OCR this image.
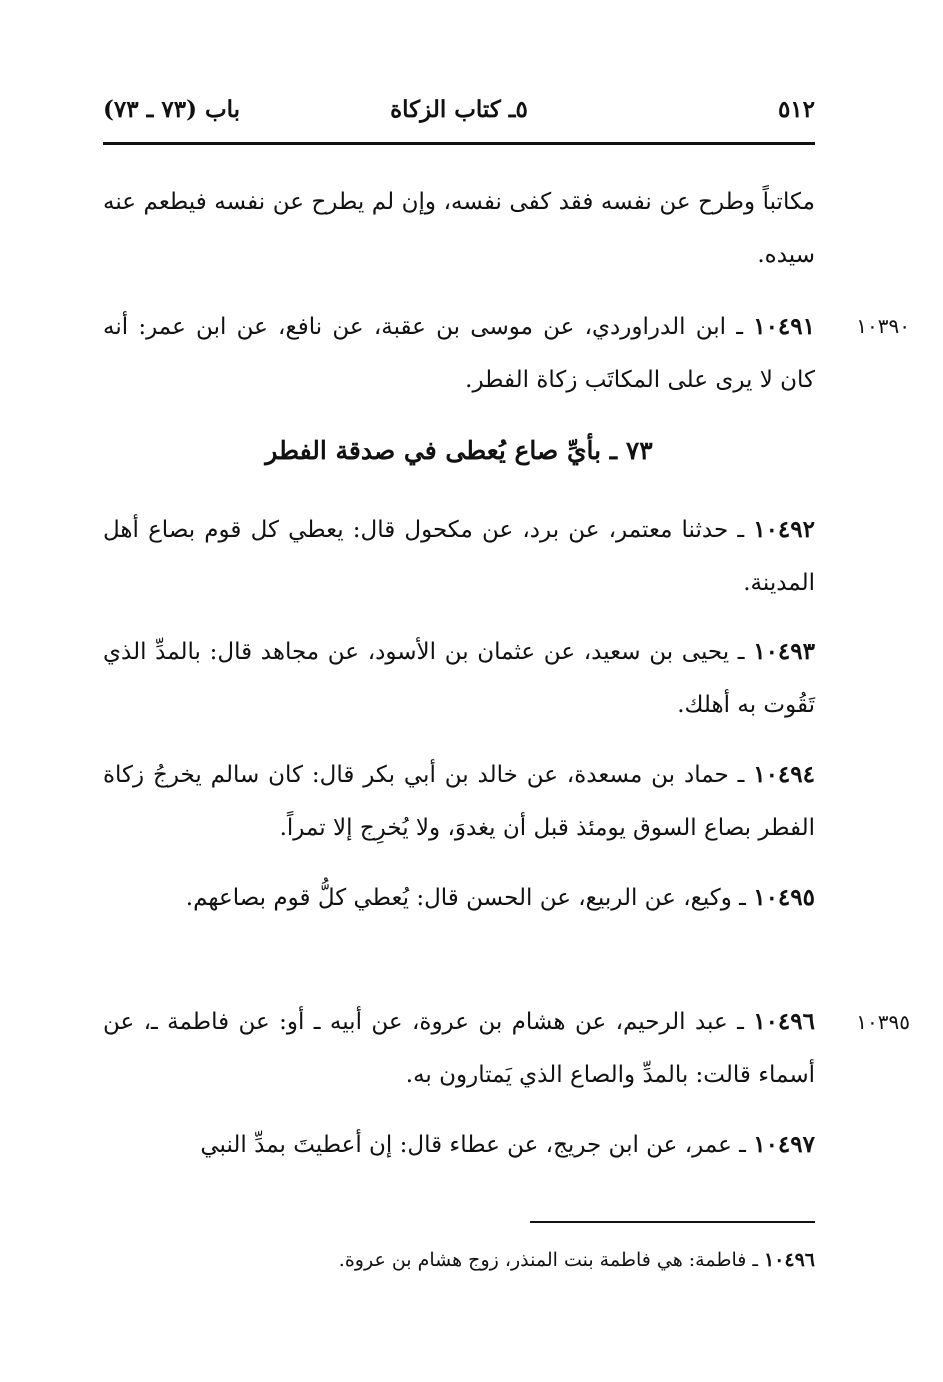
٥١٢
٥ـ كتاب الزكاة
باب (٧٣ ـ ٧٣)

مكاتباً وطرح عن نفسه فقد كفى نفسه، وإن لم يطرح عن نفسه فيطعم عنه سيده.

١٠٣٩٠

١٠٤٩١ ـ ابن الدراوردي، عن موسى بن عقبة، عن نافع، عن ابن عمر: أنه كان لا يرى على المكاتَب زكاة الفطر.

٧٣ ـ بأيِّ صاع يُعطى في صدقة الفطر

١٠٤٩٢ ـ حدثنا معتمر، عن برد، عن مكحول قال: يعطي كل قوم بصاع أهل المدينة.

١٠٤٩٣ ـ يحيى بن سعيد، عن عثمان بن الأسود، عن مجاهد قال: بالمدِّ الذي تَقُوت به أهلك.

١٠٤٩٤ ـ حماد بن مسعدة، عن خالد بن أبي بكر قال: كان سالم يخرجُ زكاة الفطر بصاع السوق يومئذ قبل أن يغدوَ، ولا يُخرِج إلا تمراً.

١٠٤٩٥ ـ وكيع، عن الربيع، عن الحسن قال: يُعطي كلُّ قوم بصاعهم.

١٠٣٩٥

١٠٤٩٦ ـ عبد الرحيم، عن هشام بن عروة، عن أبيه ـ أو: عن فاطمة ـ، عن أسماء قالت: بالمدِّ والصاع الذي يَمتارون به.

١٠٤٩٧ ـ عمر، عن ابن جريج، عن عطاء قال: إن أعطيتَ بمدِّ النبي

١٠٤٩٦ ـ فاطمة: هي فاطمة بنت المنذر، زوج هشام بن عروة.
